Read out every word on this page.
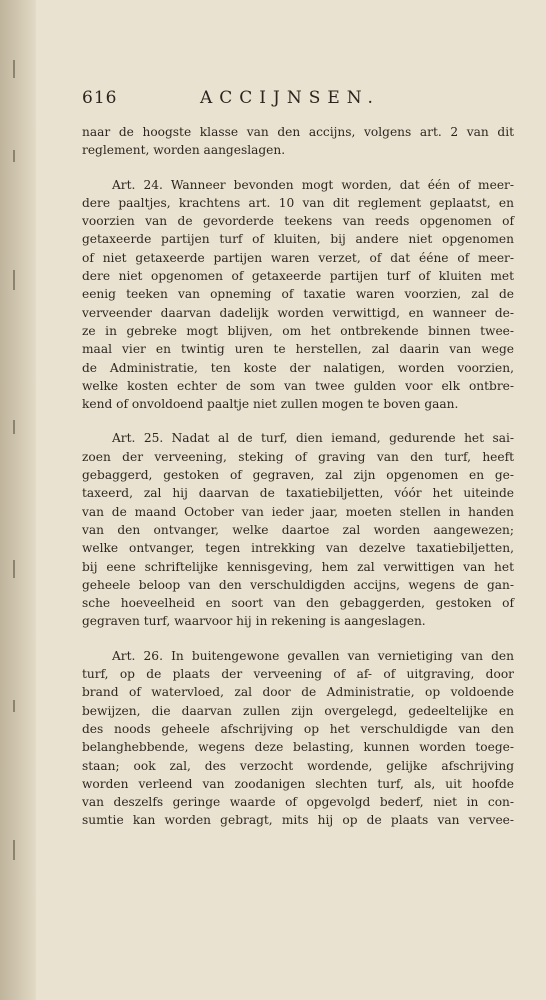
616	ACCIJNSEN.
naar de hoogste klasse van den accijns, volgens art. 2 van dit
reglement, worden aangeslagen.
Art. 24. Wanneer bevonden mogt worden, dat één of meer-
dere paaltjes, krachtens art. 10 van dit reglement geplaatst, en
voorzien van de gevorderde teekens van reeds opgenomen of
getaxeerde partijen turf of kluiten, bij andere niet opgenomen
of niet getaxeerde partijen waren verzet, of dat ééne of meer-
dere niet opgenomen of getaxeerde partijen turf of kluiten met
eenig teeken van opneming of taxatie waren voorzien, zal de
verveender daarvan dadelijk worden verwittigd, en wanneer de-
ze in gebreke mogt blijven, om het ontbrekende binnen twee-
maal vier en twintig uren te herstellen, zal daarin van wege
de Administratie, ten koste der nalatigen, worden voorzien,
welke kosten echter de som van twee gulden voor elk ontbre-
kend of onvoldoend paaltje niet zullen mogen te boven gaan.
Art. 25. Nadat al de turf, dien iemand, gedurende het sai-
zoen der verveening, steking of graving van den turf, heeft
gebaggerd, gestoken of gegraven, zal zijn opgenomen en ge-
taxeerd, zal hij daarvan de taxatiebiljetten, vóór het uiteinde
van de maand October van ieder jaar, moeten stellen in handen
van den ontvanger, welke daartoe zal worden aangewezen;
welke ontvanger, tegen intrekking van dezelve taxatiebiljetten,
bij eene schriftelijke kennisgeving, hem zal verwittigen van het
geheele beloop van den verschuldigden accijns, wegens de gan-
sche hoeveelheid en soort van den gebaggerden, gestoken of
gegraven turf, waarvoor hij in rekening is aangeslagen.
Art. 26. In buitengewone gevallen van vernietiging van den
turf, op de plaats der verveening of af- of uitgraving, door
brand of watervloed, zal door de Administratie, op voldoende
bewijzen, die daarvan zullen zijn overgelegd, gedeeltelijke en
des noods geheele afschrijving op het verschuldigde van den
belanghebbende, wegens deze belasting, kunnen worden toege-
staan; ook zal, des verzocht wordende, gelijke afschrijving
worden verleend van zoodanigen slechten turf, als, uit hoofde
van deszelfs geringe waarde of opgevolgd bederf, niet in con-
sumtie kan worden gebragt, mits hij op de plaats van verveе-
